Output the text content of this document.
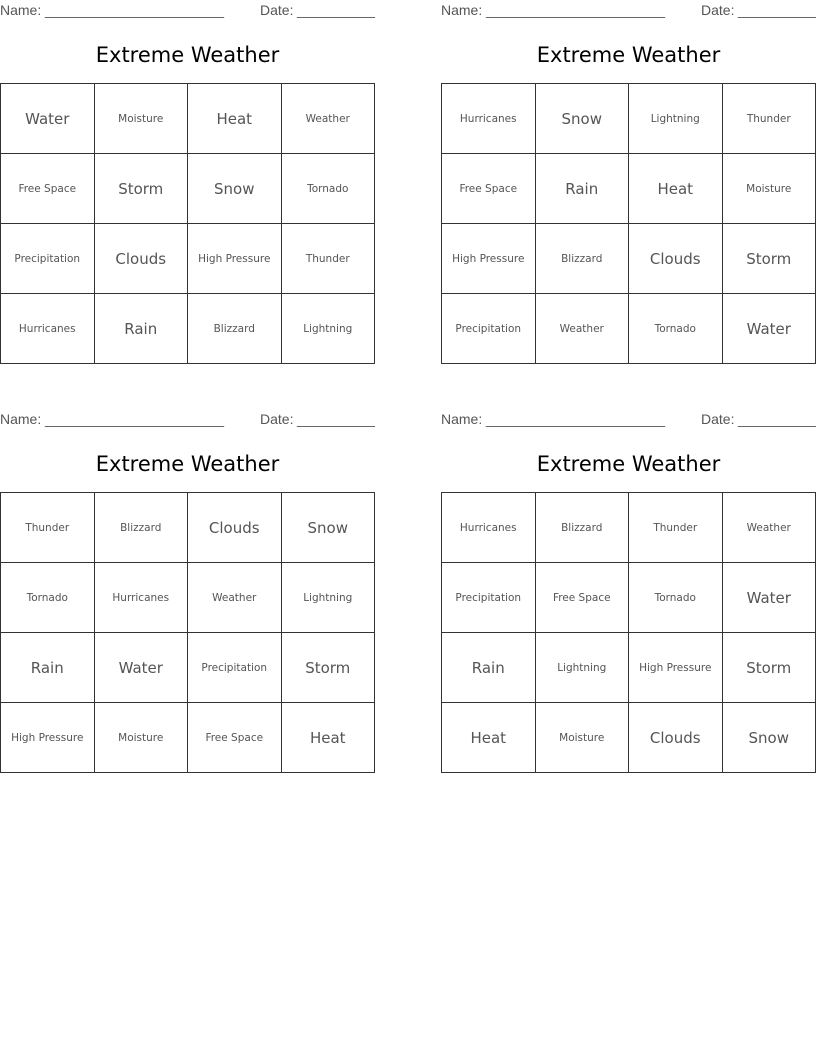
Name: _______________________	Date: __________
Extreme Weather
Water	Moisture	Heat	Weather
Free Space	Storm	Snow	Tornado
Precipitation	Clouds	High Pressure	Thunder
Hurricanes	Rain	Blizzard	Lightning
Name: _______________________	Date: __________
Extreme Weather
Hurricanes	Snow	Lightning	Thunder
Free Space	Rain	Heat	Moisture
High Pressure	Blizzard	Clouds	Storm
Precipitation	Weather	Tornado	Water
Name: _______________________	Date: __________
Extreme Weather
Thunder	Blizzard	Clouds	Snow
Tornado	Hurricanes	Weather	Lightning
Rain	Water	Precipitation	Storm
High Pressure	Moisture	Free Space	Heat
Name: _______________________	Date: __________
Extreme Weather
Hurricanes	Blizzard	Thunder	Weather
Precipitation	Free Space	Tornado	Water
Rain	Lightning	High Pressure	Storm
Heat	Moisture	Clouds	Snow
